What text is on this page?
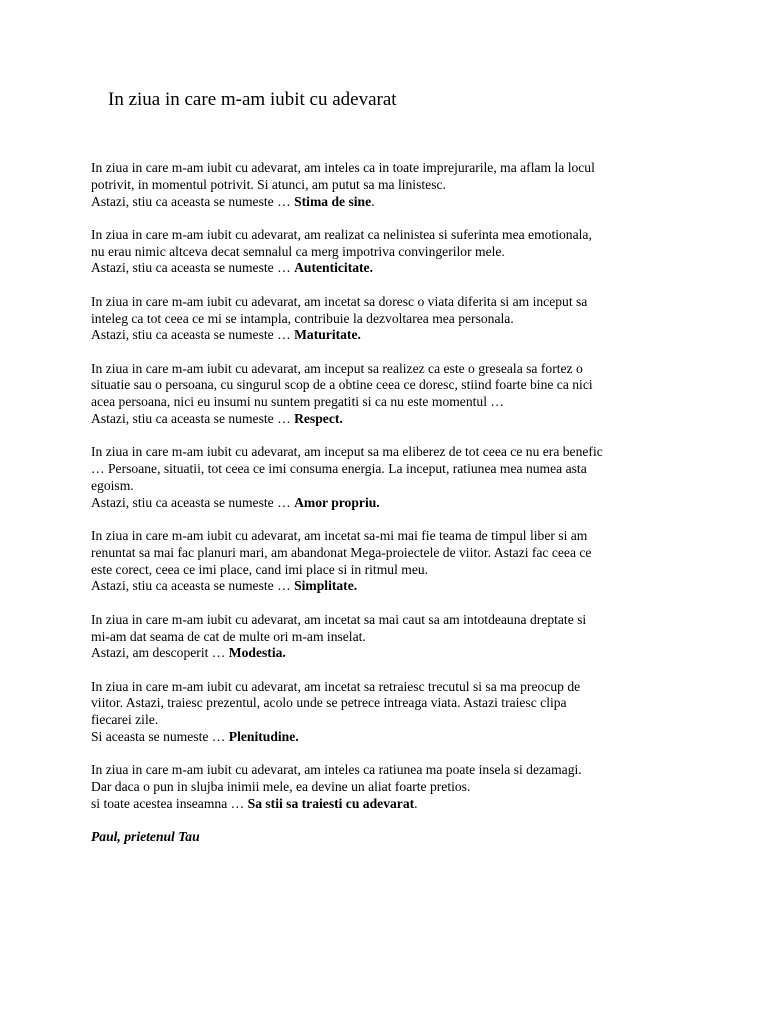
In ziua in care m-am iubit cu adevarat

In ziua in care m-am iubit cu adevarat, am inteles ca in toate imprejurarile, ma aflam la locul
potrivit, in momentul potrivit. Si atunci, am putut sa ma linistesc.
Astazi, stiu ca aceasta se numeste … Stima de sine.

In ziua in care m-am iubit cu adevarat, am realizat ca nelinistea si suferinta mea emotionala,
nu erau nimic altceva decat semnalul ca merg impotriva convingerilor mele.
Astazi, stiu ca aceasta se numeste … Autenticitate.

In ziua in care m-am iubit cu adevarat, am incetat sa doresc o viata diferita si am inceput sa
inteleg ca tot ceea ce mi se intampla, contribuie la dezvoltarea mea personala.
Astazi, stiu ca aceasta se numeste … Maturitate.

In ziua in care m-am iubit cu adevarat, am inceput sa realizez ca este o greseala sa fortez o
situatie sau o persoana, cu singurul scop de a obtine ceea ce doresc, stiind foarte bine ca nici
acea persoana, nici eu insumi nu suntem pregatiti si ca nu este momentul …
Astazi, stiu ca aceasta se numeste … Respect.

In ziua in care m-am iubit cu adevarat, am inceput sa ma eliberez de tot ceea ce nu era benefic
… Persoane, situatii, tot ceea ce imi consuma energia. La inceput, ratiunea mea numea asta
egoism.
Astazi, stiu ca aceasta se numeste … Amor propriu.

In ziua in care m-am iubit cu adevarat, am incetat sa-mi mai fie teama de timpul liber si am
renuntat sa mai fac planuri mari, am abandonat Mega-proiectele de viitor. Astazi fac ceea ce
este corect, ceea ce imi place, cand imi place si in ritmul meu.
Astazi, stiu ca aceasta se numeste … Simplitate.

In ziua in care m-am iubit cu adevarat, am incetat sa mai caut sa am intotdeauna dreptate si
mi-am dat seama de cat de multe ori m-am inselat.
Astazi, am descoperit … Modestia.

In ziua in care m-am iubit cu adevarat, am incetat sa retraiesc trecutul si sa ma preocup de
viitor. Astazi, traiesc prezentul, acolo unde se petrece intreaga viata. Astazi traiesc clipa
fiecarei zile.
Si aceasta se numeste … Plenitudine.

In ziua in care m-am iubit cu adevarat, am inteles ca ratiunea ma poate insela si dezamagi.
Dar daca o pun in slujba inimii mele, ea devine un aliat foarte pretios.
si toate acestea inseamna … Sa stii sa traiesti cu adevarat.

Paul, prietenul Tau
